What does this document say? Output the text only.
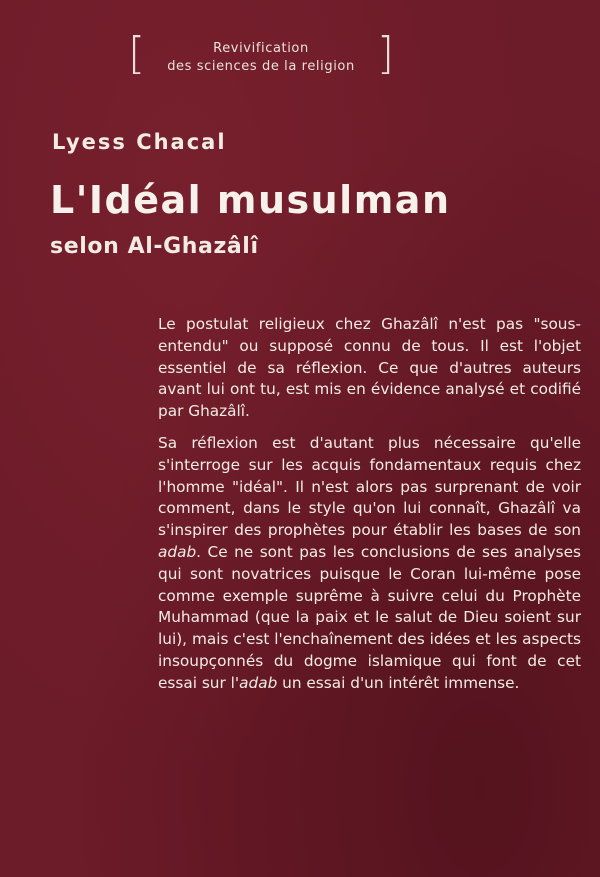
[	Revivification
des sciences de la religion ]
Lyess Chacal
L'Idéal musulman
selon Al-Ghazâlî

Le postulat religieux chez Ghazâlî n'est pas "sous-entendu" ou supposé connu de tous. Il est l'objet essentiel de sa réflexion. Ce que d'autres auteurs avant lui ont tu, est mis en évidence analysé et codifié par Ghazâlî.

Sa réflexion est d'autant plus nécessaire qu'elle s'interroge sur les acquis fondamentaux requis chez l'homme "idéal". Il n'est alors pas surprenant de voir comment, dans le style qu'on lui connaît, Ghazâlî va s'inspirer des prophètes pour établir les bases de son adab. Ce ne sont pas les conclusions de ses analyses qui sont novatrices puisque le Coran lui-même pose comme exemple suprême à suivre celui du Prophète Muhammad (que la paix et le salut de Dieu soient sur lui), mais c'est l'enchaînement des idées et les aspects insoupçonnés du dogme islamique qui font de cet essai sur l'adab un essai d'un intérêt immense.
